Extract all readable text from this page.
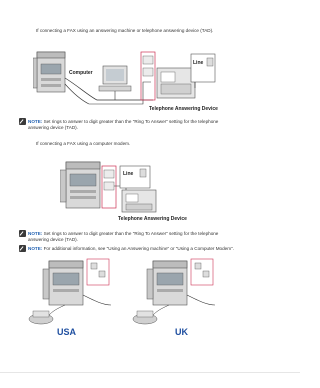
If connecting a FAX using an answering machine or telephone answering device (TAD).
Computer
Line
Telephone Answering Device
NOTE: Set rings to answer to digit greater than the "Ring To Answer" setting for the telephone
answering device (TAD).
If connecting a FAX using a computer modem.
Line
Telephone Answering Device
NOTE: Set rings to answer to digit greater than the "Ring To Answer" setting for the telephone
answering device (TAD).
NOTE: For additional information, see "Using an Answering machine" or "Using a Computer Modem".
USA	UK
